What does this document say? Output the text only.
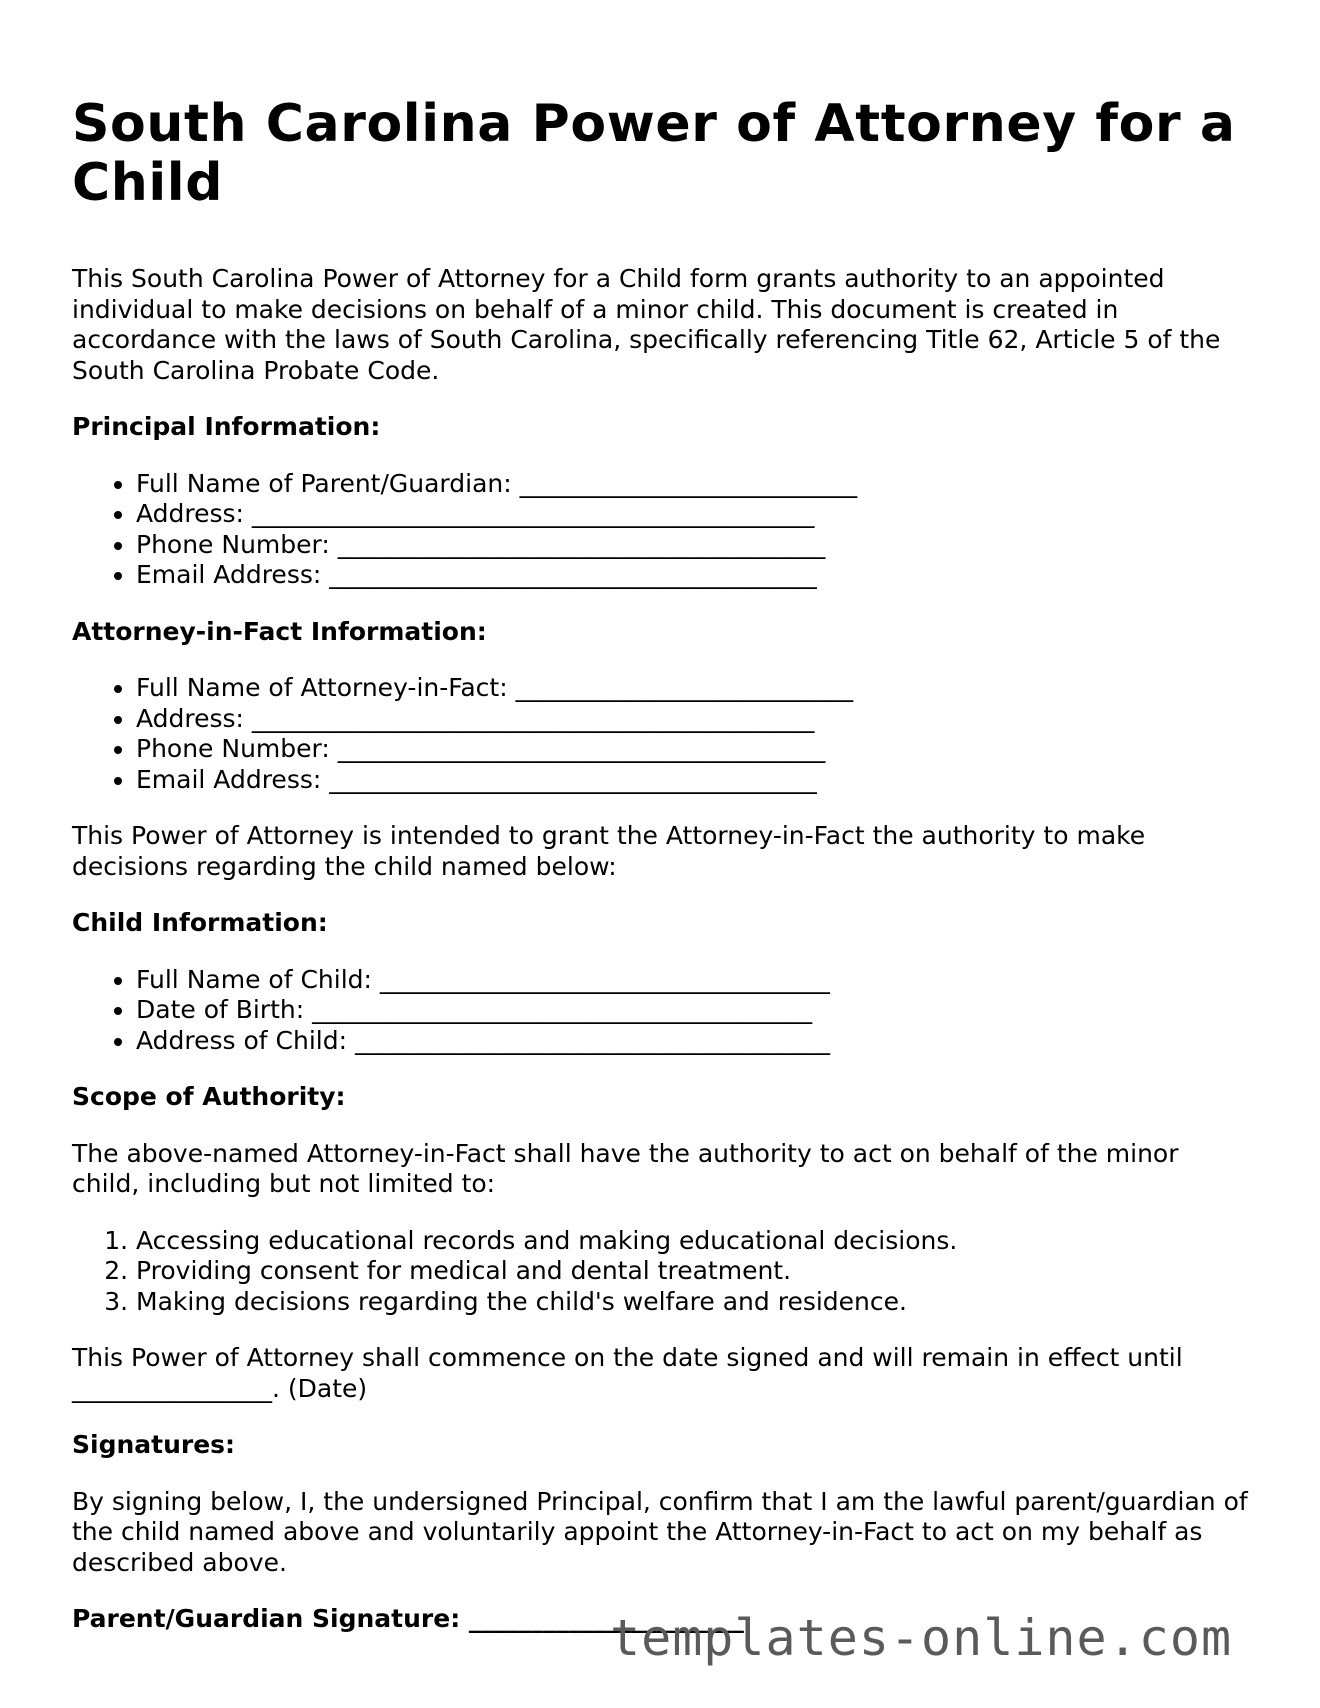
South Carolina Power of Attorney for a Child

This South Carolina Power of Attorney for a Child form grants authority to an appointed individual to make decisions on behalf of a minor child. This document is created in accordance with the laws of South Carolina, specifically referencing Title 62, Article 5 of the South Carolina Probate Code.

Principal Information:
• Full Name of Parent/Guardian: ___________________________
• Address: _____________________________________________
• Phone Number: _______________________________________
• Email Address: _______________________________________
Attorney-in-Fact Information:
• Full Name of Attorney-in-Fact: ___________________________
• Address: _____________________________________________
• Phone Number: _______________________________________
• Email Address: _______________________________________

This Power of Attorney is intended to grant the Attorney-in-Fact the authority to make decisions regarding the child named below:

Child Information:
• Full Name of Child: ____________________________________
• Date of Birth: ________________________________________
• Address of Child: ______________________________________
Scope of Authority:

The above-named Attorney-in-Fact shall have the authority to act on behalf of the minor child, including but not limited to:

1. Accessing educational records and making educational decisions.
2. Providing consent for medical and dental treatment.
3. Making decisions regarding the child's welfare and residence.

This Power of Attorney shall commence on the date signed and will remain in effect until ________________. (Date)

Signatures:

By signing below, I, the undersigned Principal, confirm that I am the lawful parent/guardian of the child named above and voluntarily appoint the Attorney-in-Fact to act on my behalf as described above.

Parent/Guardian Signature: ______________________
templates-online.com
